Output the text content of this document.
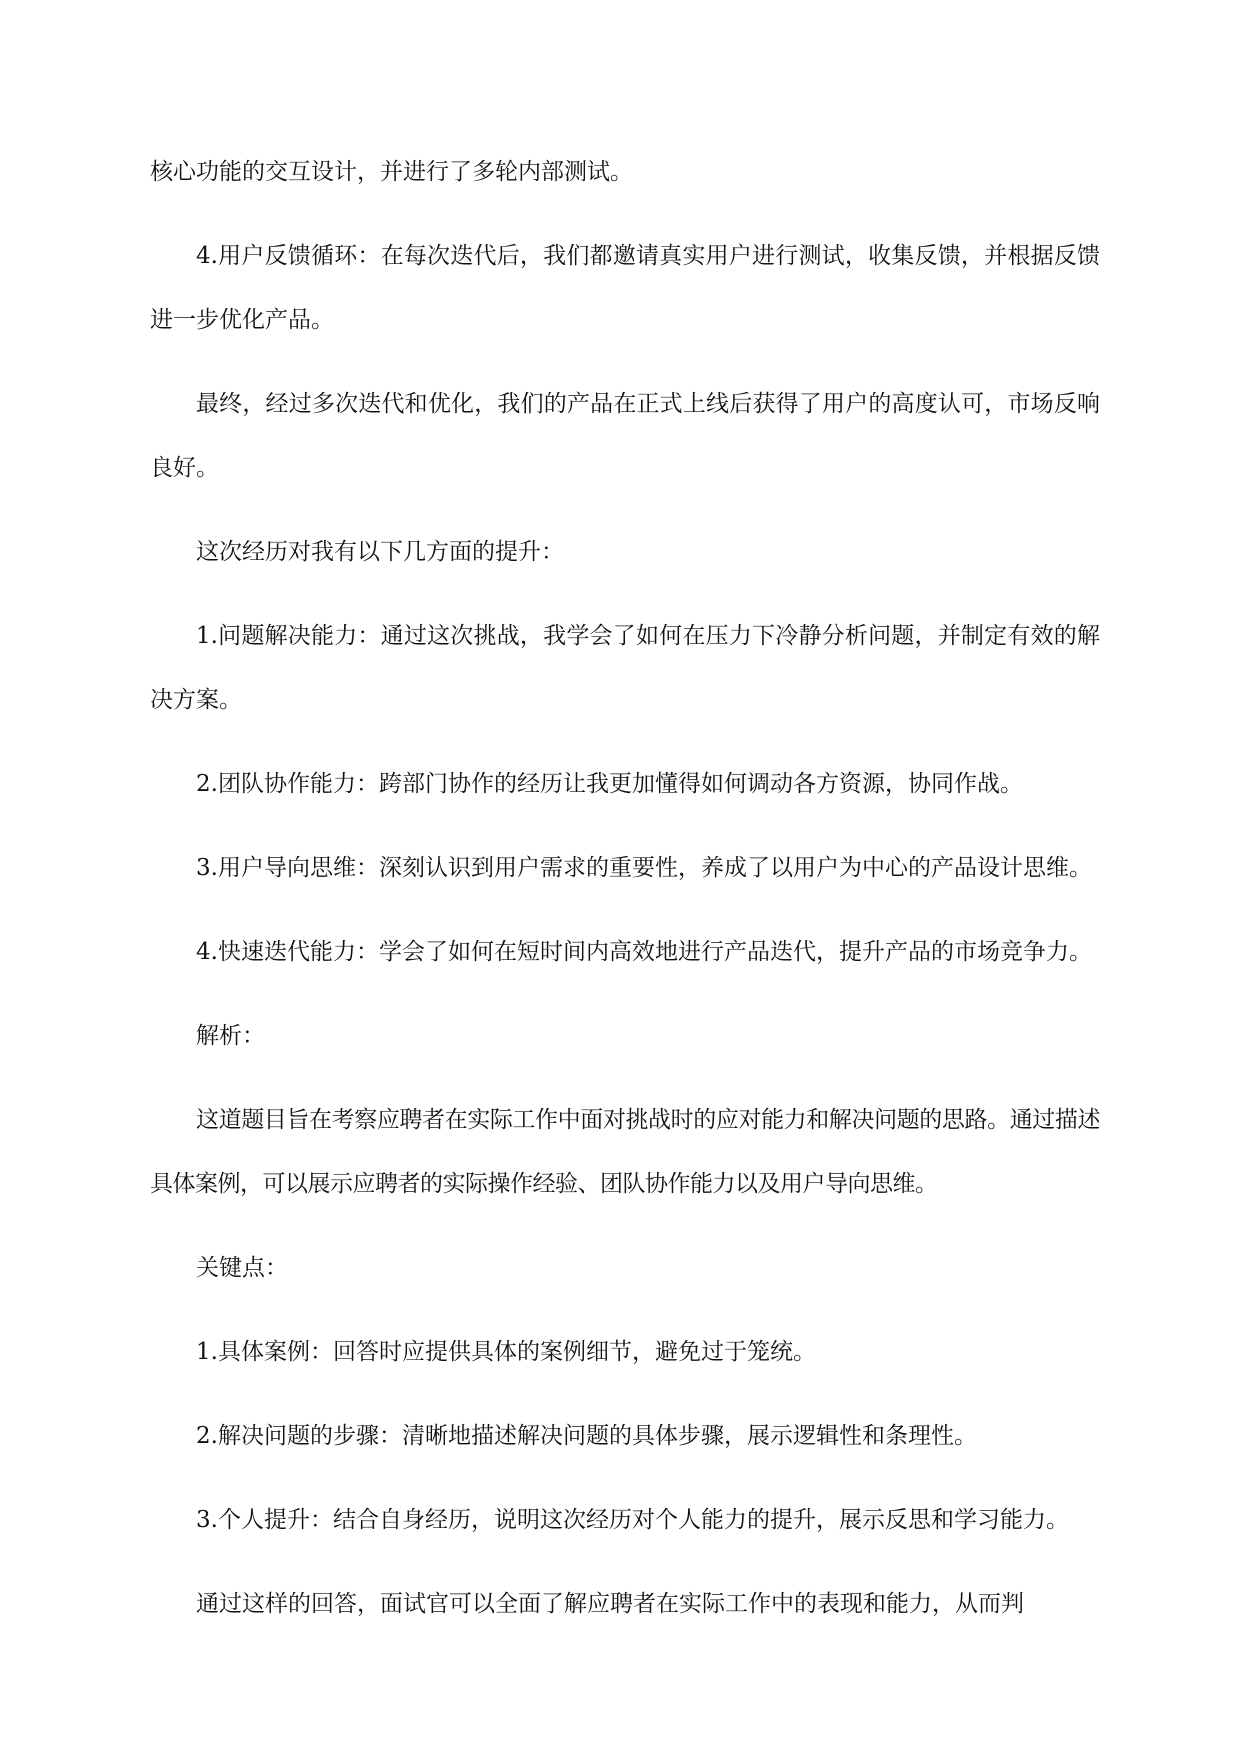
核心功能的交互设计，并进行了多轮内部测试。

4.用户反馈循环：在每次迭代后，我们都邀请真实用户进行测试，收集反馈，并根据反馈进一步优化产品。

最终，经过多次迭代和优化，我们的产品在正式上线后获得了用户的高度认可，市场反响良好。

这次经历对我有以下几方面的提升：

1.问题解决能力：通过这次挑战，我学会了如何在压力下冷静分析问题，并制定有效的解决方案。

2.团队协作能力：跨部门协作的经历让我更加懂得如何调动各方资源，协同作战。

3.用户导向思维：深刻认识到用户需求的重要性，养成了以用户为中心的产品设计思维。

4.快速迭代能力：学会了如何在短时间内高效地进行产品迭代，提升产品的市场竞争力。

解析：

这道题目旨在考察应聘者在实际工作中面对挑战时的应对能力和解决问题的思路。通过描述具体案例，可以展示应聘者的实际操作经验、团队协作能力以及用户导向思维。

关键点：

1.具体案例：回答时应提供具体的案例细节，避免过于笼统。

2.解决问题的步骤：清晰地描述解决问题的具体步骤，展示逻辑性和条理性。

3.个人提升：结合自身经历，说明这次经历对个人能力的提升，展示反思和学习能力。

通过这样的回答，面试官可以全面了解应聘者在实际工作中的表现和能力，从而判
